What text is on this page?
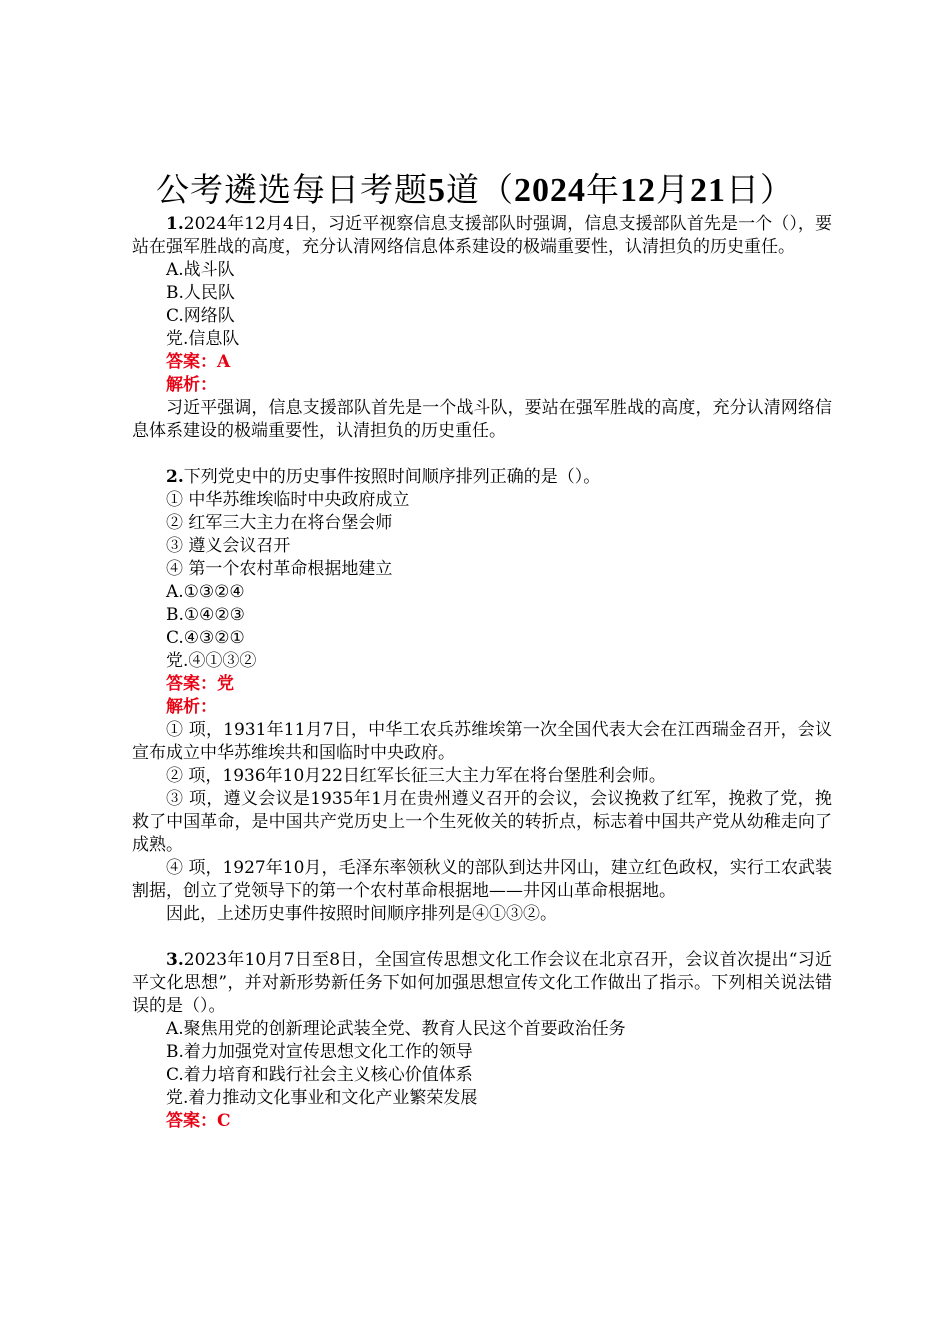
公考遴选每日考题5道（2024年12月21日）

1.2024年12月4日，习近平视察信息支援部队时强调，信息支援部队首先是一个（），要站在强军胜战的高度，充分认清网络信息体系建设的极端重要性，认清担负的历史重任。

A.战斗队

B.人民队

C.网络队

党.信息队

答案：A

解析：

习近平强调，信息支援部队首先是一个战斗队，要站在强军胜战的高度，充分认清网络信息体系建设的极端重要性，认清担负的历史重任。

2.下列党史中的历史事件按照时间顺序排列正确的是（）。

① 中华苏维埃临时中央政府成立

② 红军三大主力在将台堡会师

③ 遵义会议召开

④ 第一个农村革命根据地建立

A.①③②④

B.①④②③

C.④③②①

党.④①③②

答案：党

解析：

① 项，1931年11月7日，中华工农兵苏维埃第一次全国代表大会在江西瑞金召开，会议宣布成立中华苏维埃共和国临时中央政府。

② 项，1936年10月22日红军长征三大主力军在将台堡胜利会师。

③ 项，遵义会议是1935年1月在贵州遵义召开的会议，会议挽救了红军，挽救了党，挽救了中国革命，是中国共产党历史上一个生死攸关的转折点，标志着中国共产党从幼稚走向了成熟。

④ 项，1927年10月，毛泽东率领秋义的部队到达井冈山，建立红色政权，实行工农武装割据，创立了党领导下的第一个农村革命根据地——井冈山革命根据地。

因此，上述历史事件按照时间顺序排列是④①③②。

3.2023年10月7日至8日，全国宣传思想文化工作会议在北京召开，会议首次提出“习近平文化思想”，并对新形势新任务下如何加强思想宣传文化工作做出了指示。下列相关说法错误的是（）。

A.聚焦用党的创新理论武装全党、教育人民这个首要政治任务

B.着力加强党对宣传思想文化工作的领导

C.着力培育和践行社会主义核心价值体系

党.着力推动文化事业和文化产业繁荣发展

答案：C
